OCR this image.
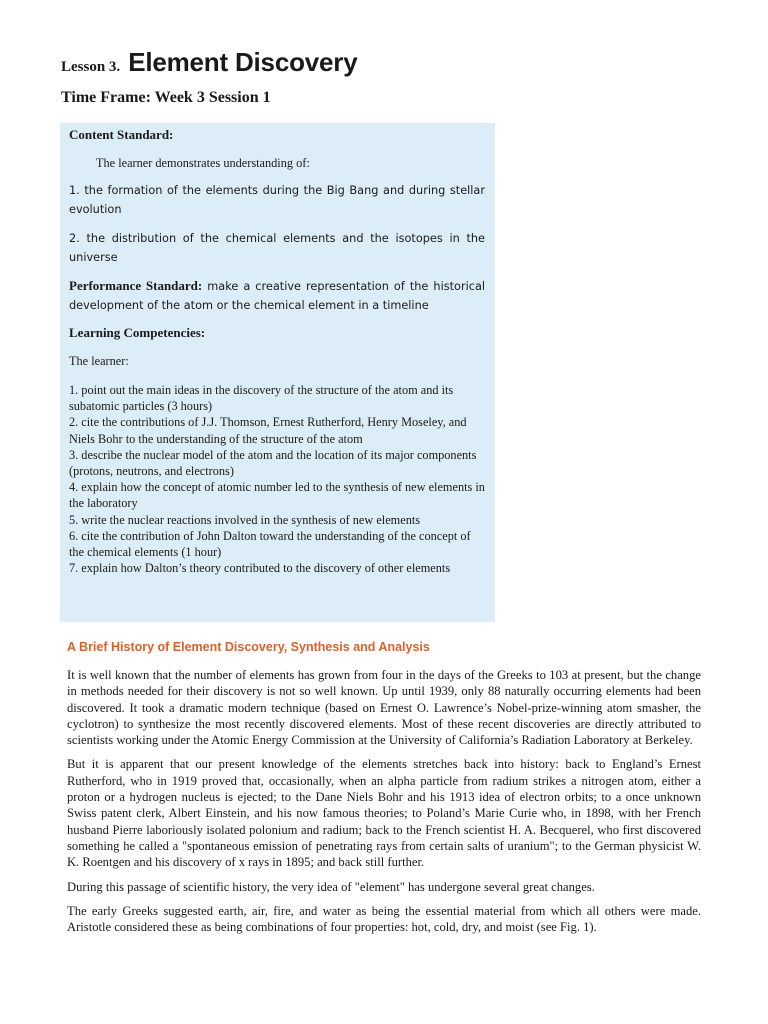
Lesson 3. Element Discovery
Time Frame: Week 3 Session 1

Content Standard:

The learner demonstrates understanding of:

1. the formation of the elements during the Big Bang and during stellar evolution

2. the distribution of the chemical elements and the isotopes in the universe

Performance Standard: make a creative representation of the historical development of the atom or the chemical element in a timeline

Learning Competencies:

The learner:

1. point out the main ideas in the discovery of the structure of the atom and its subatomic particles (3 hours)
2. cite the contributions of J.J. Thomson, Ernest Rutherford, Henry Moseley, and Niels Bohr to the understanding of the structure of the atom
3. describe the nuclear model of the atom and the location of its major components (protons, neutrons, and electrons)
4. explain how the concept of atomic number led to the synthesis of new elements in the laboratory
5. write the nuclear reactions involved in the synthesis of new elements
6. cite the contribution of John Dalton toward the understanding of the concept of the chemical elements (1 hour)
7. explain how Dalton’s theory contributed to the discovery of other elements
A Brief History of Element Discovery, Synthesis and Analysis

It is well known that the number of elements has grown from four in the days of the Greeks to 103 at present, but the change in methods needed for their discovery is not so well known. Up until 1939, only 88 naturally occurring elements had been discovered. It took a dramatic modern technique (based on Ernest O. Lawrence’s Nobel-prize-winning atom smasher, the cyclotron) to synthesize the most recently discovered elements. Most of these recent discoveries are directly attributed to scientists working under the Atomic Energy Commission at the University of California’s Radiation Laboratory at Berkeley.

But it is apparent that our present knowledge of the elements stretches back into history: back to England’s Ernest Rutherford, who in 1919 proved that, occasionally, when an alpha particle from radium strikes a nitrogen atom, either a proton or a hydrogen nucleus is ejected; to the Dane Niels Bohr and his 1913 idea of electron orbits; to a once unknown Swiss patent clerk, Albert Einstein, and his now famous theories; to Poland’s Marie Curie who, in 1898, with her French husband Pierre laboriously isolated polonium and radium; back to the French scientist H. A. Becquerel, who first discovered something he called a "spontaneous emission of penetrating rays from certain salts of uranium"; to the German physicist W. K. Roentgen and his discovery of x rays in 1895; and back still further.

During this passage of scientific history, the very idea of "element" has undergone several great changes.

The early Greeks suggested earth, air, fire, and water as being the essential material from which all others were made. Aristotle considered these as being combinations of four properties: hot, cold, dry, and moist (see Fig. 1).
